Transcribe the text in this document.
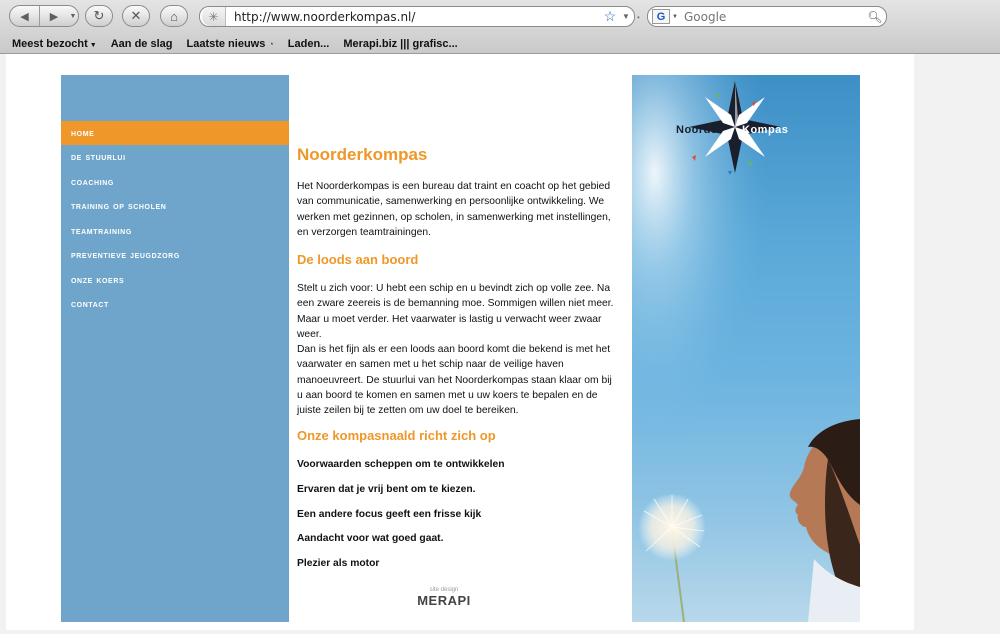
◀	▶	▼	↻	✕	⌂	✳	http://www.noorderkompas.nl/	☆ ▼ •	G	▼
Google	🔍︎
Meest bezocht ▼ Aan de slag Laatste nieuws ◔ Laden... Merapi.biz ||| grafisc...
home
de stuurlui
coaching
training op scholen
teamtraining
preventieve jeugdzorg
onze koers
contact
Noorderkompas

Het Noorderkompas is een bureau dat traint en coacht op het gebied van communicatie, samenwerking en persoonlijke ontwikkeling. We werken met gezinnen, op scholen, in samenwerking met instellingen, en verzorgen teamtrainingen.

De loods aan boord

Stelt u zich voor: U hebt een schip en u bevindt zich op volle zee. Na een zware zeereis is de bemanning moe. Sommigen willen niet meer. Maar u moet verder. Het vaarwater is lastig u verwacht weer zwaar weer.

Dan is het fijn als er een loods aan boord komt die bekend is met het vaarwater en samen met u het schip naar de veilige haven manoeuvreert. De stuurlui van het Noorderkompas staan klaar om bij u aan boord te komen en samen met u uw koers te bepalen en de juiste zeilen bij te zetten om uw doel te bereiken.

Onze kompasnaald richt zich op
Voorwaarden scheppen om te ontwikkelen
Ervaren dat je vrij bent om te kiezen.
Een andere focus geeft een frisse kijk
Aandacht voor wat goed gaat.
Plezier als motor
site design
MERAPI
Noorder Kompas
